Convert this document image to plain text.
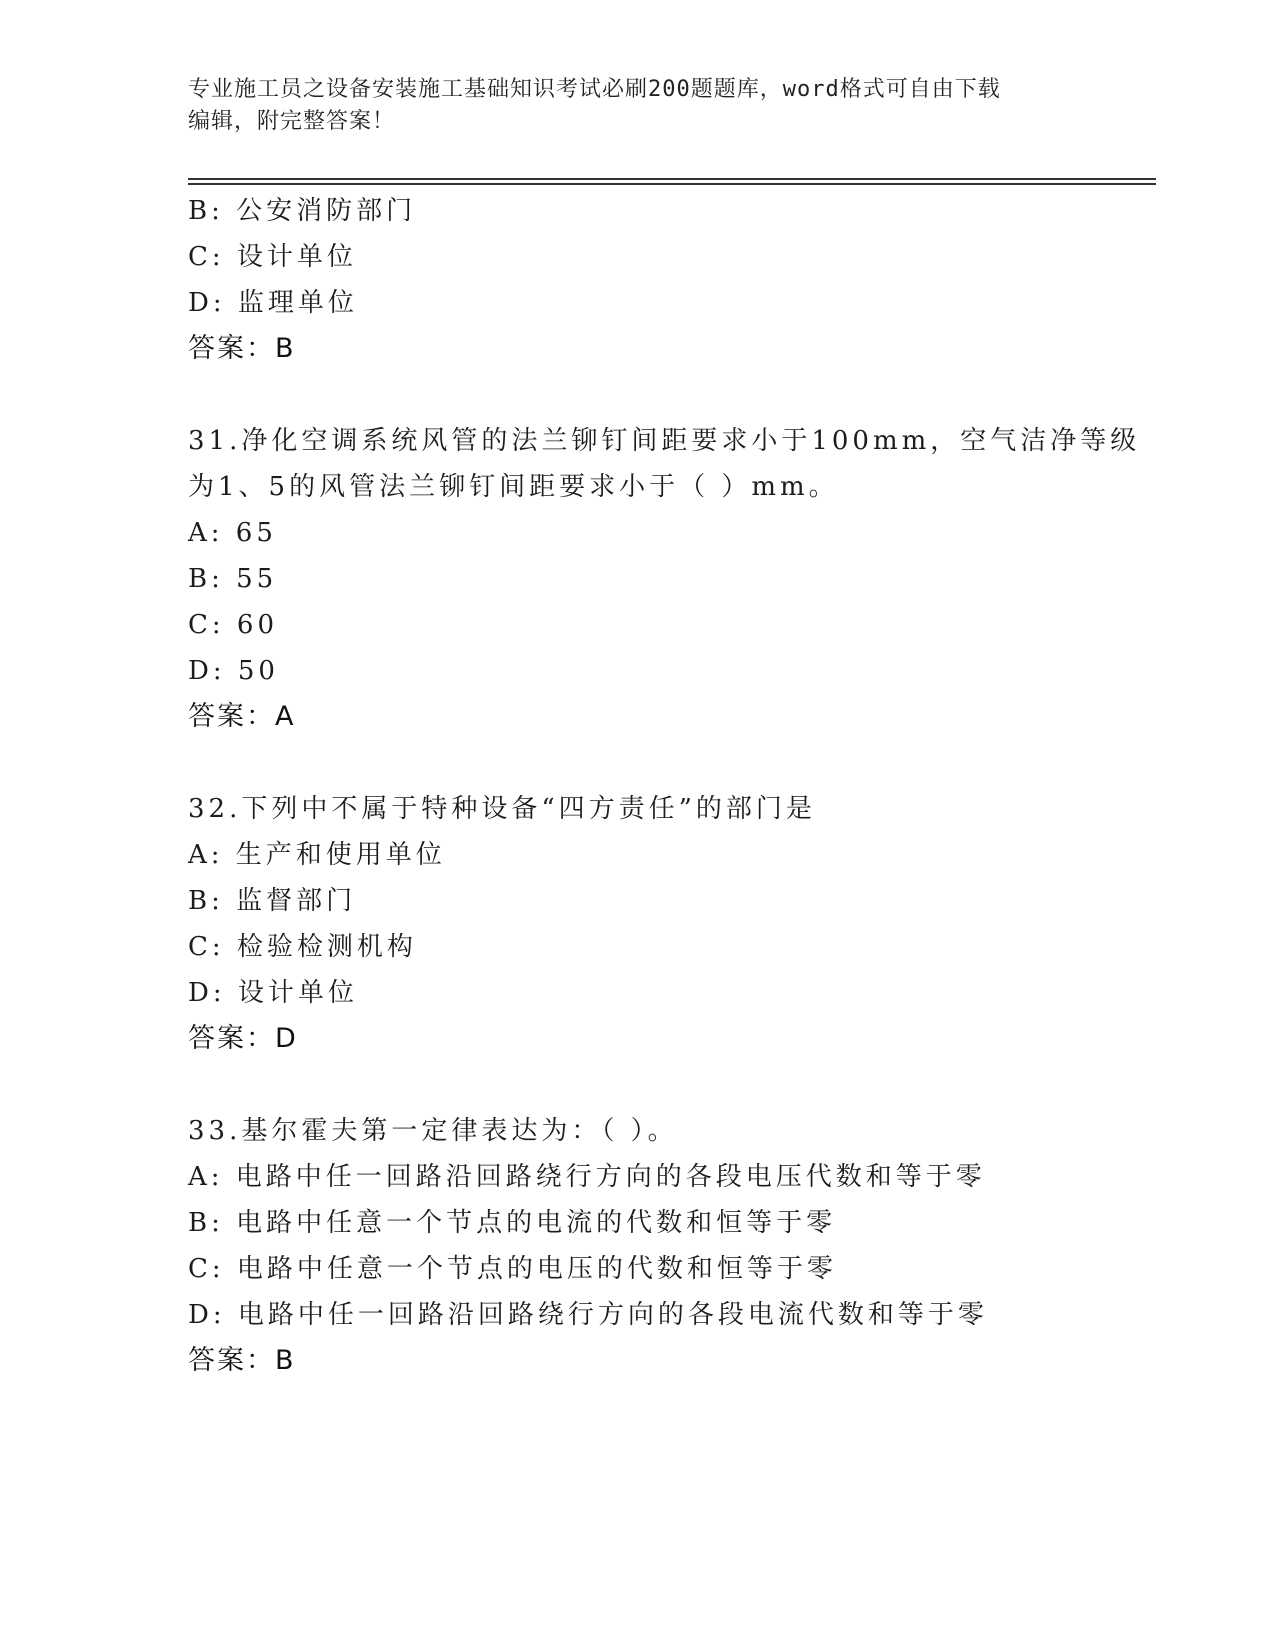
专业施工员之设备安装施工基础知识考试必刷200题题库，word格式可自由下载
编辑，附完整答案！
B: 公安消防部门
C: 设计单位
D: 监理单位
答案：B
31.净化空调系统风管的法兰铆钉间距要求小于100mm，空气洁净等级
为1、5的风管法兰铆钉间距要求小于（ ）mm。
A: 65
B: 55
C: 60
D: 50
答案：A
32.下列中不属于特种设备“四方责任”的部门是
A: 生产和使用单位
B: 监督部门
C: 检验检测机构
D: 设计单位
答案：D
33.基尔霍夫第一定律表达为：（ ）。
A: 电路中任一回路沿回路绕行方向的各段电压代数和等于零
B: 电路中任意一个节点的电流的代数和恒等于零
C: 电路中任意一个节点的电压的代数和恒等于零
D: 电路中任一回路沿回路绕行方向的各段电流代数和等于零
答案：B
